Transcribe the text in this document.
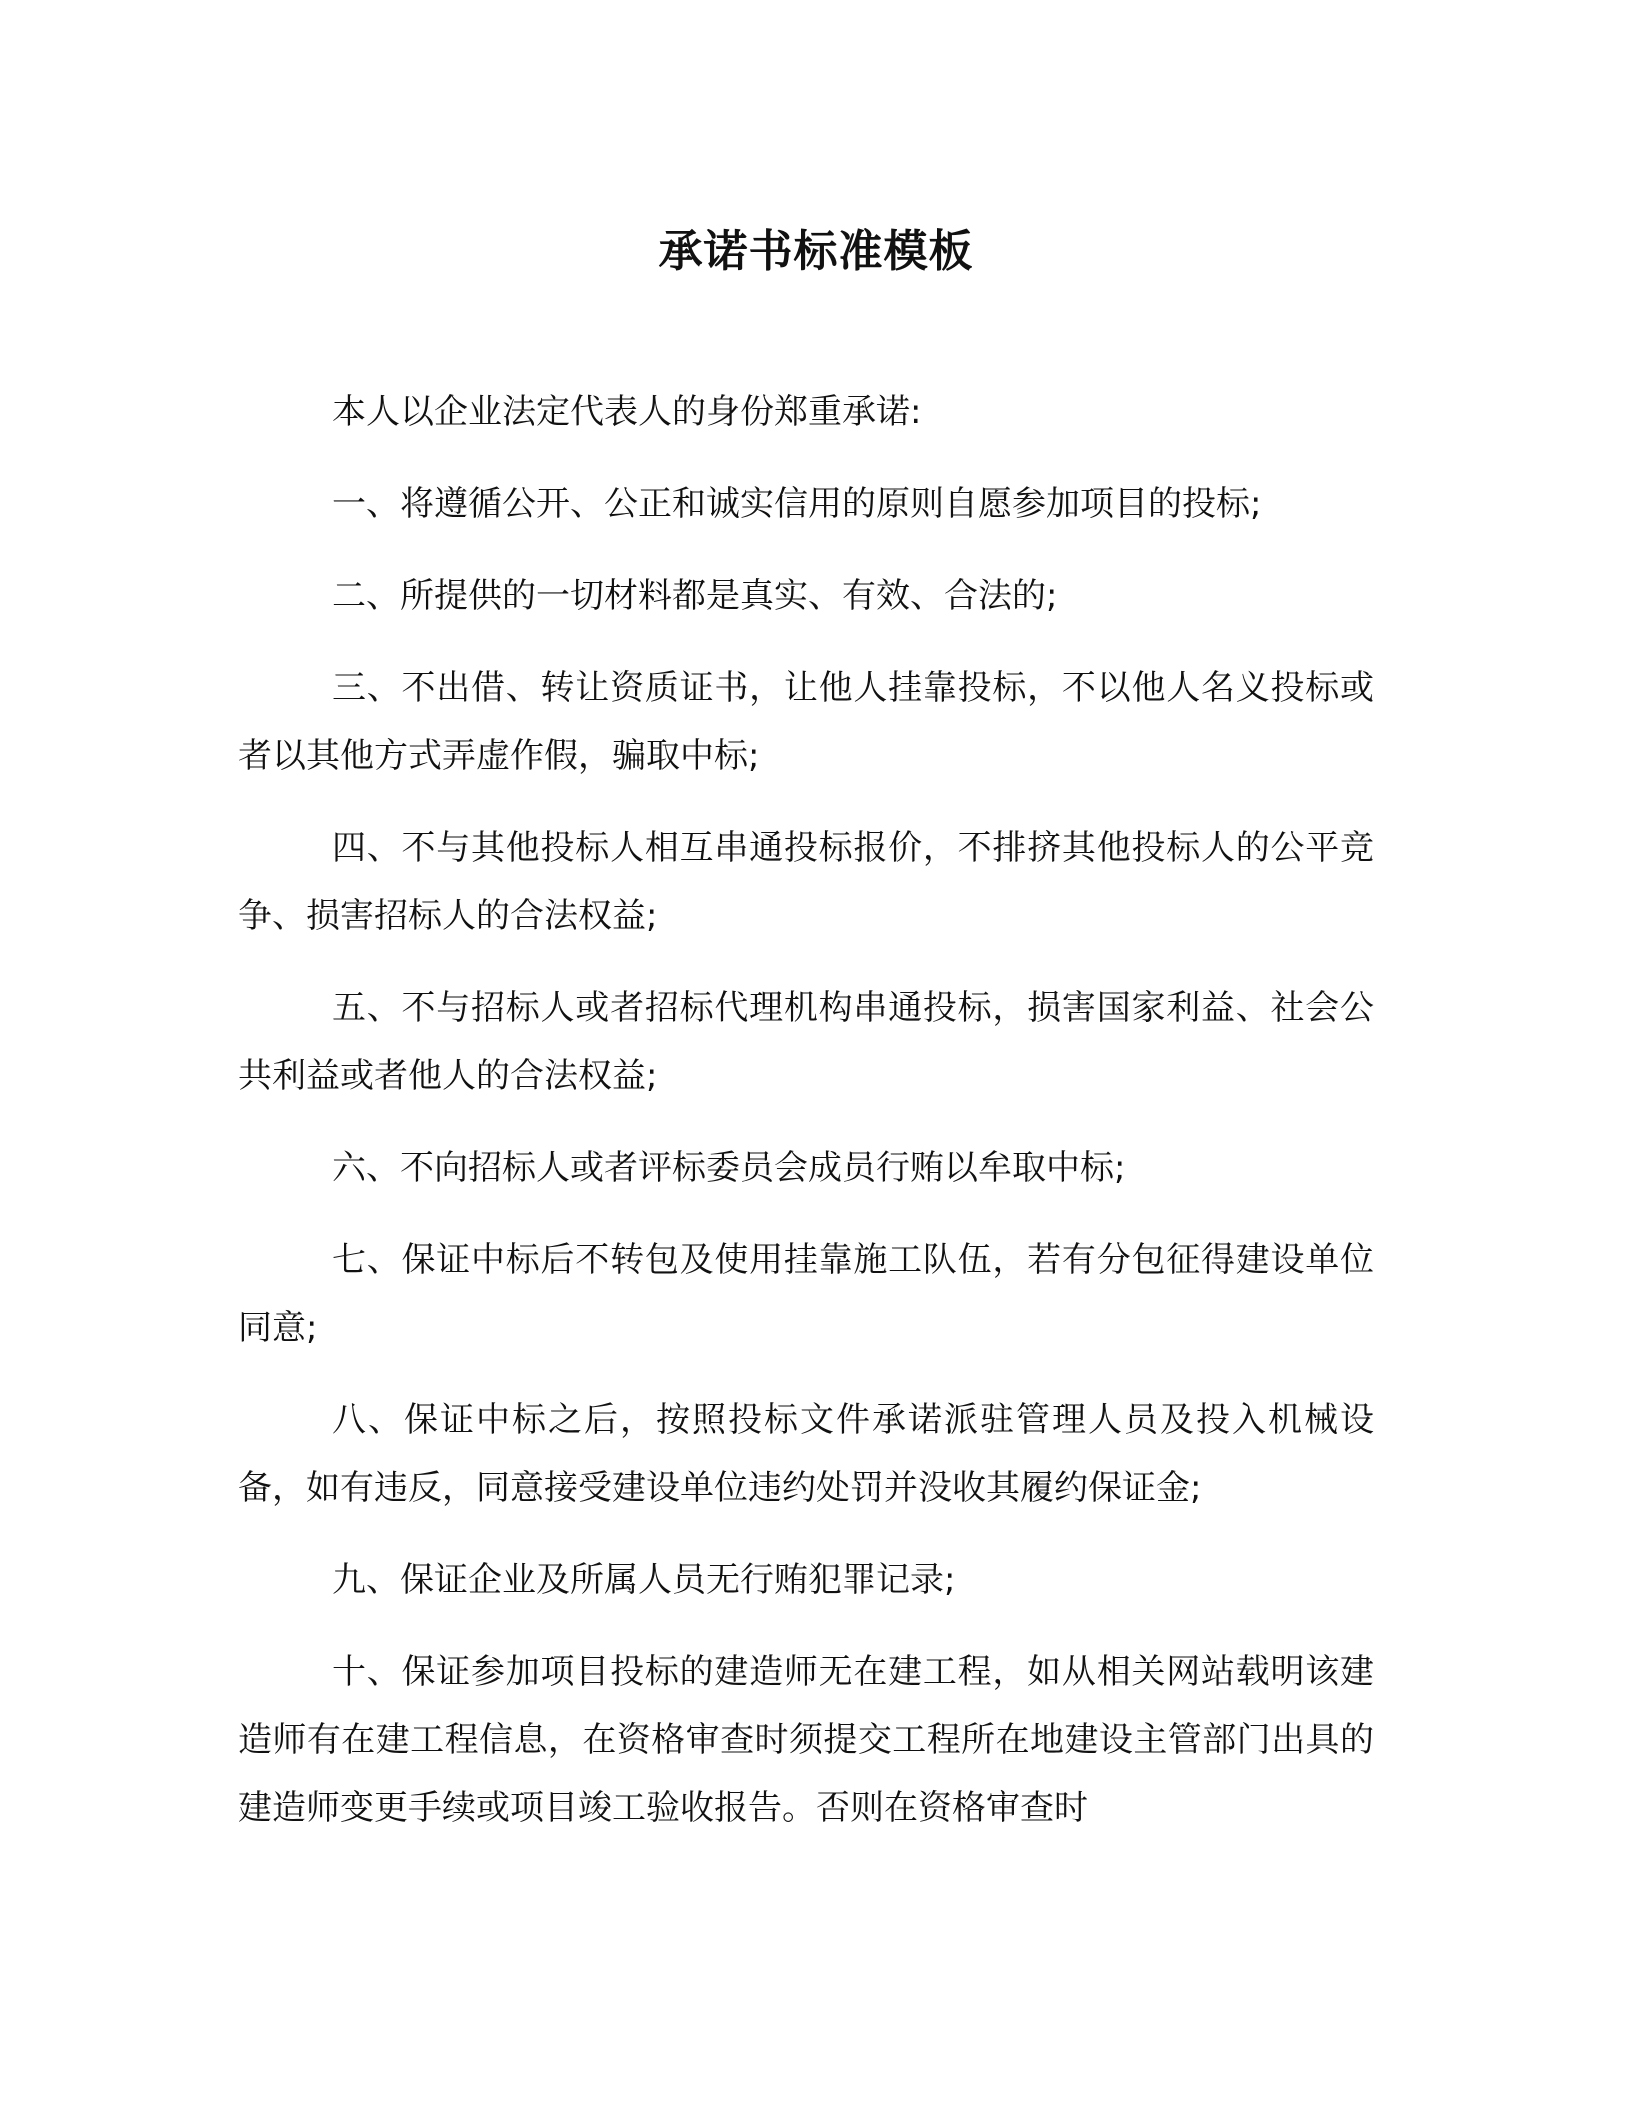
承诺书标准模板

本人以企业法定代表人的身份郑重承诺:

一、将遵循公开、公正和诚实信用的原则自愿参加项目的投标;

二、所提供的一切材料都是真实、有效、合法的;

三、不出借、转让资质证书，让他人挂靠投标，不以他人名义投标或者以其他方式弄虚作假，骗取中标;

四、不与其他投标人相互串通投标报价，不排挤其他投标人的公平竞争、损害招标人的合法权益;

五、不与招标人或者招标代理机构串通投标，损害国家利益、社会公共利益或者他人的合法权益;

六、不向招标人或者评标委员会成员行贿以牟取中标;

七、保证中标后不转包及使用挂靠施工队伍，若有分包征得建设单位同意;

八、保证中标之后，按照投标文件承诺派驻管理人员及投入机械设备，如有违反，同意接受建设单位违约处罚并没收其履约保证金;

九、保证企业及所属人员无行贿犯罪记录;

十、保证参加项目投标的建造师无在建工程，如从相关网站载明该建造师有在建工程信息，在资格审查时须提交工程所在地建设主管部门出具的建造师变更手续或项目竣工验收报告。否则在资格审查时
